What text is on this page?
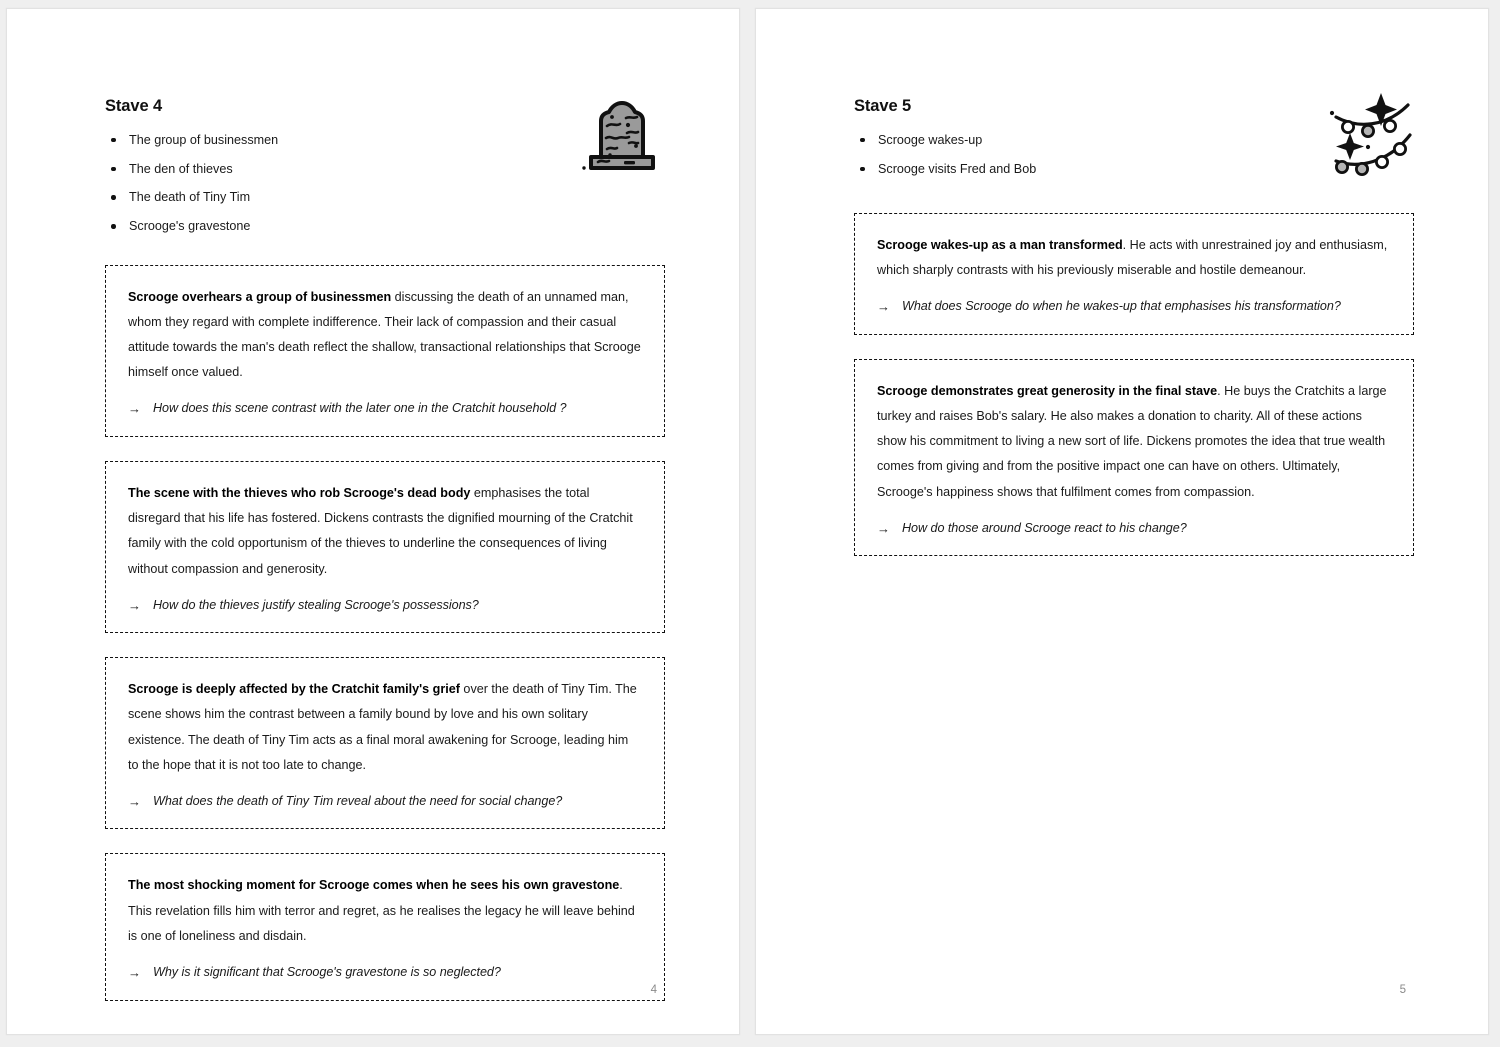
Stave 4
The group of businessmen
The den of thieves
The death of Tiny Tim
Scrooge's gravestone

Scrooge overhears a group of businessmen discussing the death of an unnamed man, whom they regard with complete indifference. Their lack of compassion and their casual attitude towards the man's death reflect the shallow, transactional relationships that Scrooge himself once valued.

→ How does this scene contrast with the later one in the Cratchit household ?

The scene with the thieves who rob Scrooge's dead body emphasises the total disregard that his life has fostered. Dickens contrasts the dignified mourning of the Cratchit family with the cold opportunism of the thieves to underline the consequences of living without compassion and generosity.

→ How do the thieves justify stealing Scrooge's possessions?

Scrooge is deeply affected by the Cratchit family's grief over the death of Tiny Tim. The scene shows him the contrast between a family bound by love and his own solitary existence. The death of Tiny Tim acts as a final moral awakening for Scrooge, leading him to the hope that it is not too late to change.

→ What does the death of Tiny Tim reveal about the need for social change?

The most shocking moment for Scrooge comes when he sees his own gravestone. This revelation fills him with terror and regret, as he realises the legacy he will leave behind is one of loneliness and disdain.

→ Why is it significant that Scrooge's gravestone is so neglected?
4
Stave 5
Scrooge wakes-up
Scrooge visits Fred and Bob

Scrooge wakes-up as a man transformed. He acts with unrestrained joy and enthusiasm, which sharply contrasts with his previously miserable and hostile demeanour.

→ What does Scrooge do when he wakes-up that emphasises his transformation?

Scrooge demonstrates great generosity in the final stave. He buys the Cratchits a large turkey and raises Bob's salary. He also makes a donation to charity. All of these actions show his commitment to living a new sort of life. Dickens promotes the idea that true wealth comes from giving and from the positive impact one can have on others. Ultimately, Scrooge's happiness shows that fulfilment comes from compassion.

→ How do those around Scrooge react to his change?
5
